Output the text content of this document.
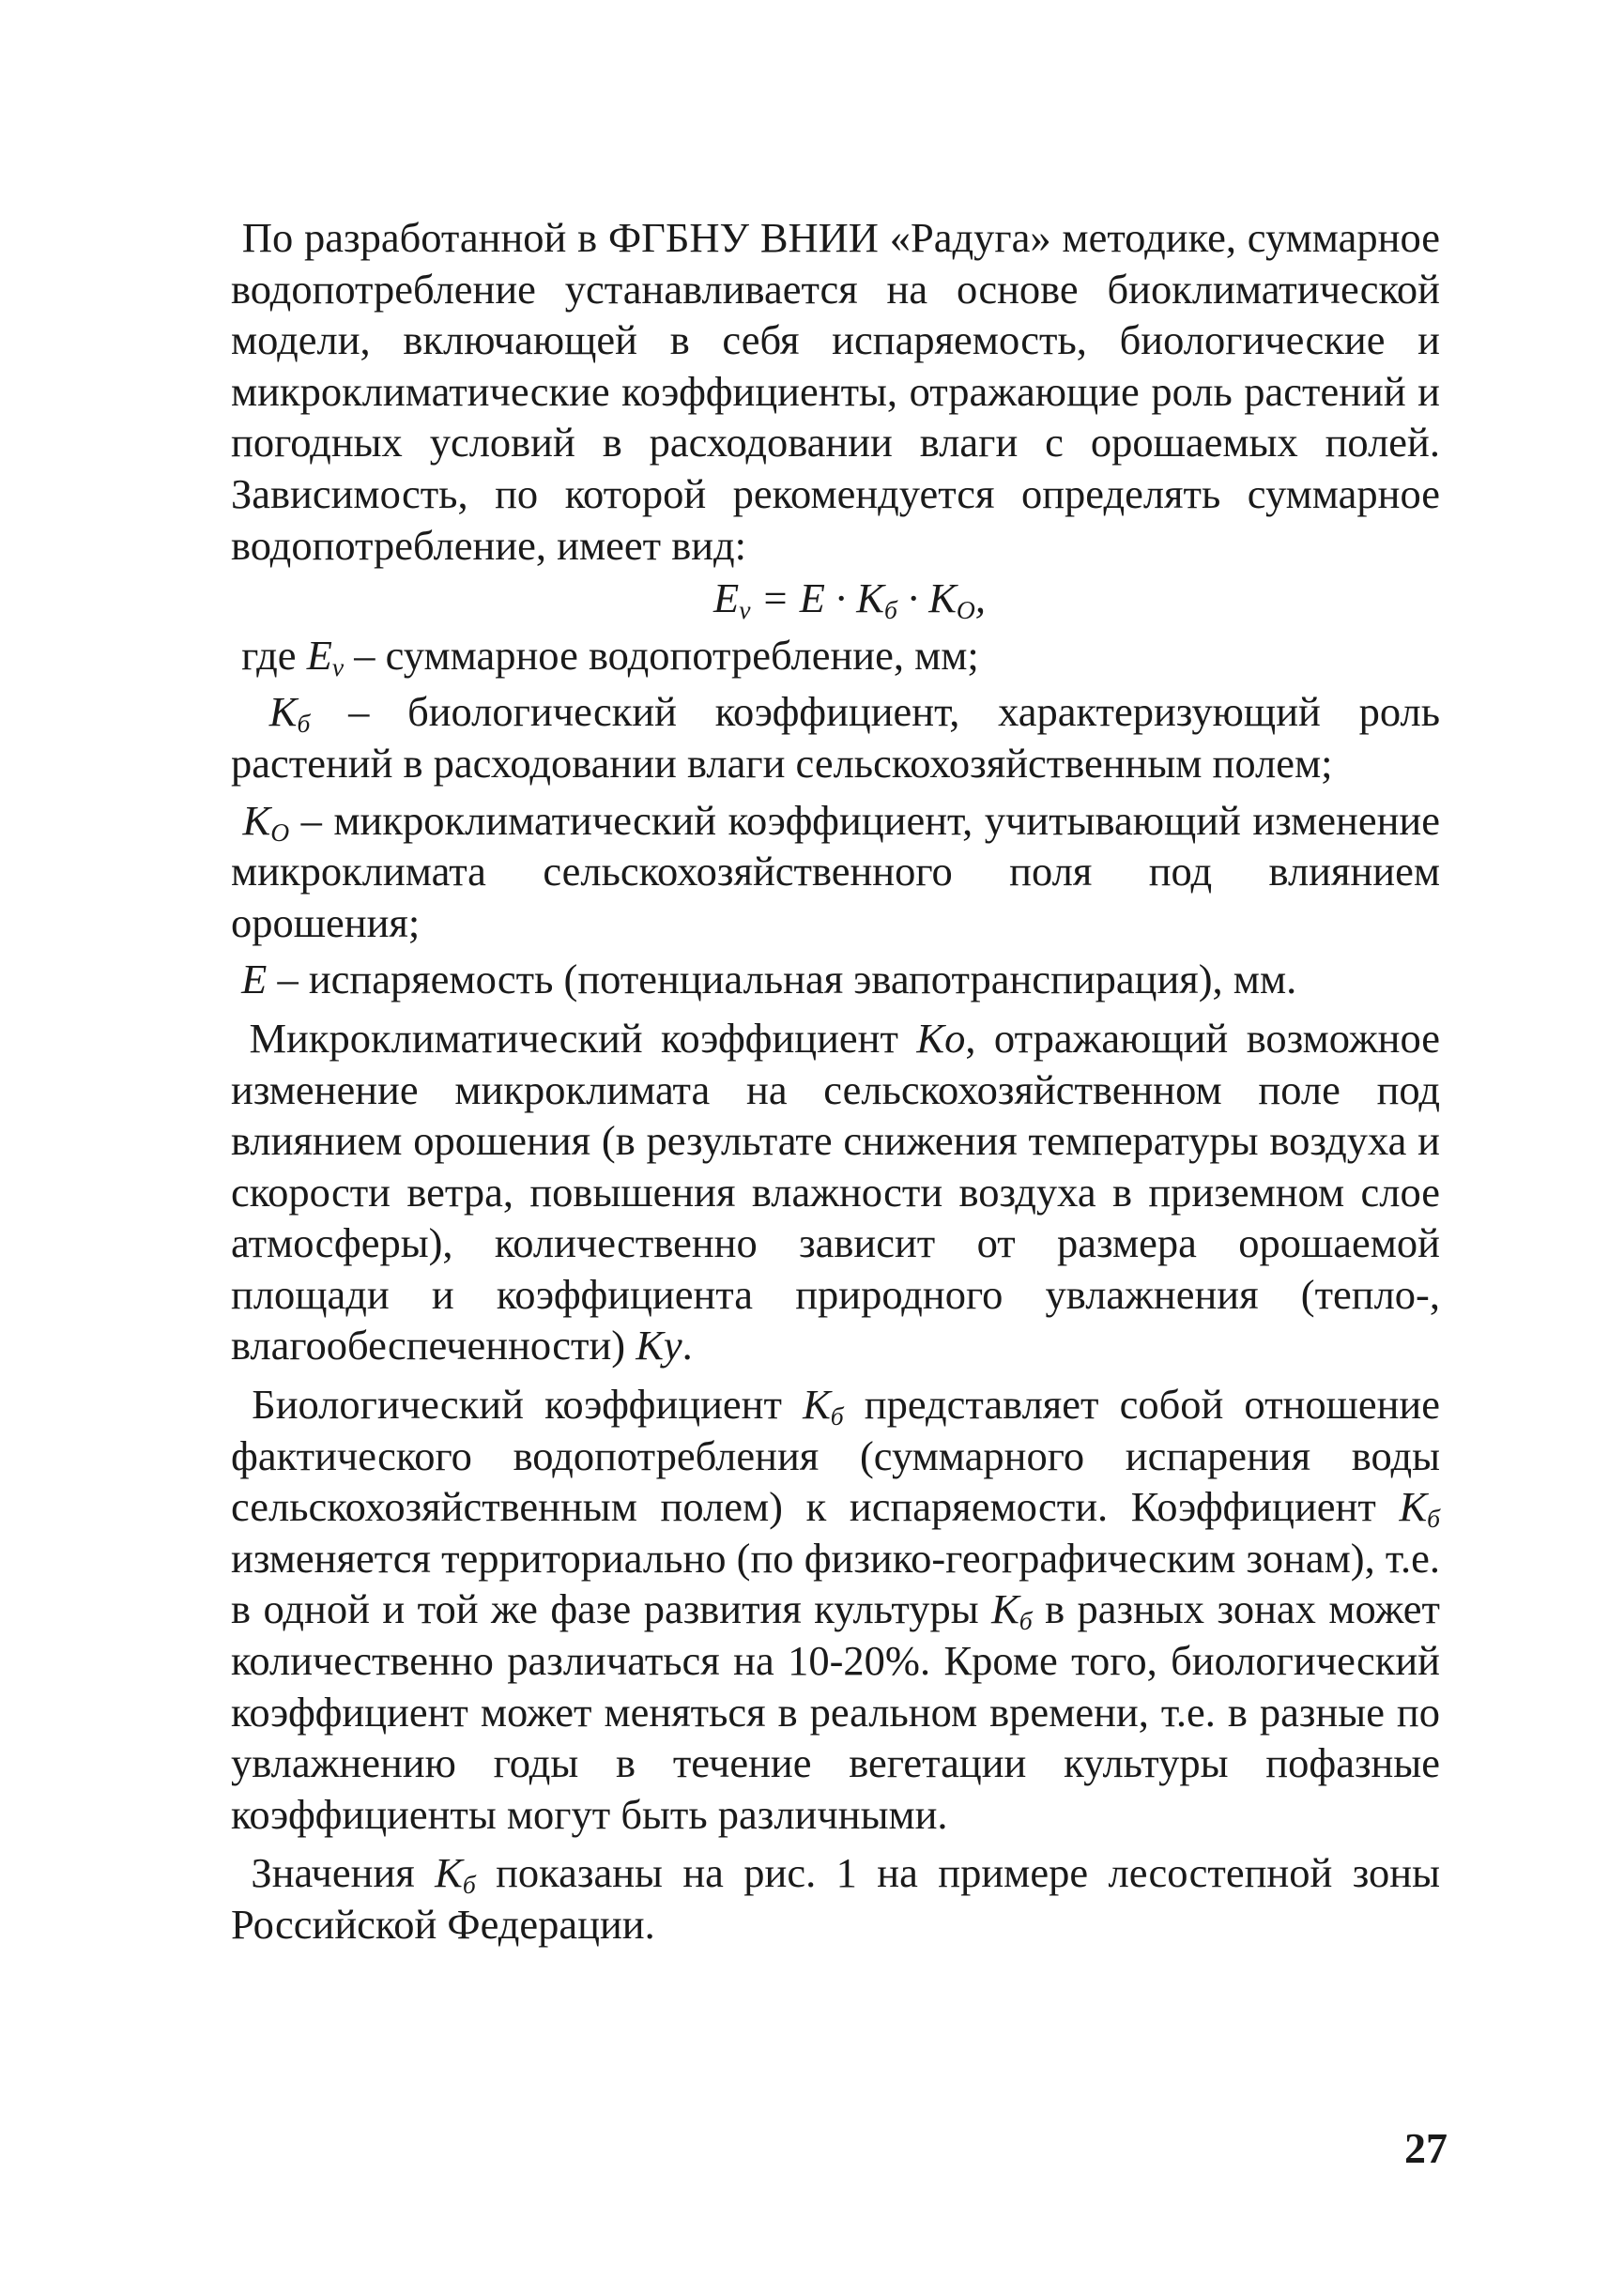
По разработанной в ФГБНУ ВНИИ «Радуга» методике, суммарное водопотребление устанавливается на основе биоклиматической модели, включающей в себя испаряемость, биологические и микроклиматические коэффициенты, отражающие роль растений и погодных условий в расходовании влаги с орошаемых полей. Зависимость, по которой рекомендуется определять суммарное водопотребление, имеет вид:

$E_v = E \cdot K_б \cdot K_O$,

где $E_v$ – суммарное водопотребление, мм;

$K_б$ – биологический коэффициент, характеризующий роль растений в расходовании влаги сельскохозяйственным полем;

$K_O$ – микроклиматический коэффициент, учитывающий изменение микроклимата сельскохозяйственного поля под влиянием орошения;

E – испаряемость (потенциальная эвапотранспирация), мм.

Микроклиматический коэффициент Ko, отражающий возможное изменение микроклимата на сельскохозяйственном поле под влиянием орошения (в результате снижения температуры воздуха и скорости ветра, повышения влажности воздуха в приземном слое атмосферы), количественно зависит от размера орошаемой площади и коэффициента природного увлажнения (тепло-, влагообеспеченности) Ky.

Биологический коэффициент $K_б$ представляет собой отношение фактического водопотребления (суммарного испарения воды сельскохозяйственным полем) к испаряемости. Коэффициент $K_б$ изменяется территориально (по физико-географическим зонам), т.е. в одной и той же фазе развития культуры $K_б$ в разных зонах может количественно различаться на 10-20%. Кроме того, биологический коэффициент может меняться в реальном времени, т.е. в разные по увлажнению годы в течение вегетации культуры пофазные коэффициенты могут быть различными.

Значения $K_б$ показаны на рис. 1 на примере лесостепной зоны Российской Федерации.

27
